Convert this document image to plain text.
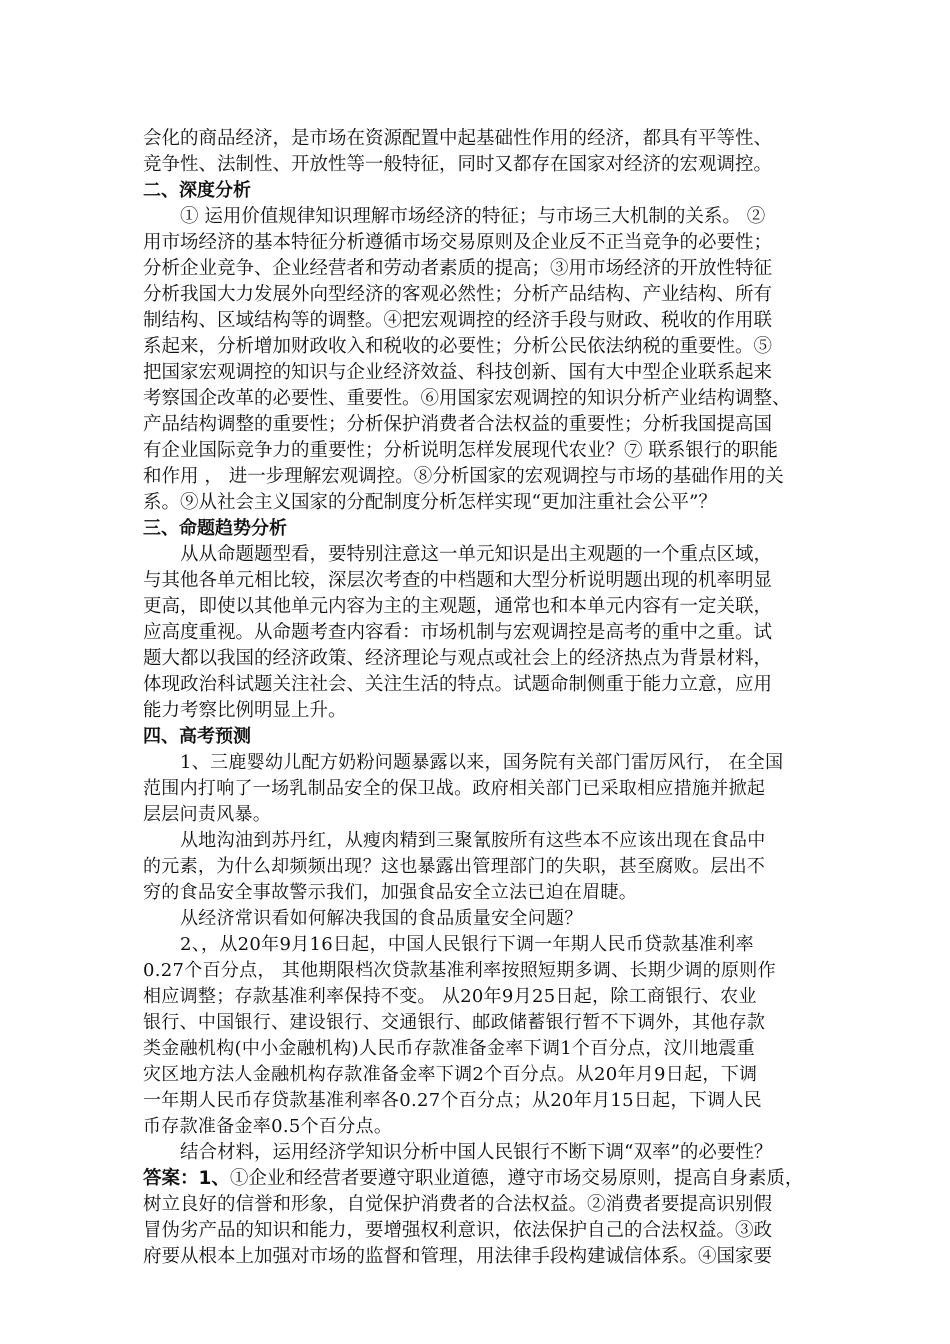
会化的商品经济，是市场在资源配置中起基础性作用的经济，都具有平等性、
竞争性、法制性、开放性等一般特征，同时又都存在国家对经济的宏观调控。
二、深度分析
① 运用价值规律知识理解市场经济的特征；与市场三大机制的关系。 ②
用市场经济的基本特征分析遵循市场交易原则及企业反不正当竞争的必要性；
分析企业竞争、企业经营者和劳动者素质的提高；③用市场经济的开放性特征
分析我国大力发展外向型经济的客观必然性；分析产品结构、产业结构、所有
制结构、区域结构等的调整。④把宏观调控的经济手段与财政、税收的作用联
系起来，分析增加财政收入和税收的必要性；分析公民依法纳税的重要性。⑤
把国家宏观调控的知识与企业经济效益、科技创新、国有大中型企业联系起来
考察国企改革的必要性、重要性。⑥用国家宏观调控的知识分析产业结构调整、
产品结构调整的重要性；分析保护消费者合法权益的重要性；分析我国提高国
有企业国际竞争力的重要性；分析说明怎样发展现代农业？⑦ 联系银行的职能
和作用 ， 进一步理解宏观调控。⑧分析国家的宏观调控与市场的基础作用的关
系。⑨从社会主义国家的分配制度分析怎样实现“更加注重社会公平”？
三、命题趋势分析
从从命题题型看，要特别注意这一单元知识是出主观题的一个重点区域，
与其他各单元相比较，深层次考查的中档题和大型分析说明题出现的机率明显
更高，即使以其他单元内容为主的主观题，通常也和本单元内容有一定关联，
应高度重视。从命题考查内容看：市场机制与宏观调控是高考的重中之重。试
题大都以我国的经济政策、经济理论与观点或社会上的经济热点为背景材料，
体现政治科试题关注社会、关注生活的特点。试题命制侧重于能力立意，应用
能力考察比例明显上升。
四、高考预测
1、三鹿婴幼儿配方奶粉问题暴露以来，国务院有关部门雷厉风行， 在全国
范围内打响了一场乳制品安全的保卫战。政府相关部门已采取相应措施并掀起
层层问责风暴。
从地沟油到苏丹红，从瘦肉精到三聚氰胺所有这些本不应该出现在食品中
的元素，为什么却频频出现？这也暴露出管理部门的失职，甚至腐败。层出不
穷的食品安全事故警示我们，加强食品安全立法已迫在眉睫。
从经济常识看如何解决我国的食品质量安全问题？
2、，从20年9月16日起，中国人民银行下调一年期人民币贷款基准利率
0.27个百分点， 其他期限档次贷款基准利率按照短期多调、长期少调的原则作
相应调整；存款基准利率保持不变。 从20年9月25日起，除工商银行、农业
银行、中国银行、建设银行、交通银行、邮政储蓄银行暂不下调外，其他存款
类金融机构(中小金融机构)人民币存款准备金率下调1个百分点，汶川地震重
灾区地方法人金融机构存款准备金率下调2个百分点。从20年月9日起，下调
一年期人民币存贷款基准利率各0.27个百分点；从20年月15日起，下调人民
币存款准备金率0.5个百分点。
结合材料，运用经济学知识分析中国人民银行不断下调“双率”的必要性？
答案：1、①企业和经营者要遵守职业道德，遵守市场交易原则，提高自身素质，
树立良好的信誉和形象，自觉保护消费者的合法权益。②消费者要提高识别假
冒伪劣产品的知识和能力，要增强权利意识，依法保护自己的合法权益。③政
府要从根本上加强对市场的监督和管理，用法律手段构建诚信体系。④国家要
